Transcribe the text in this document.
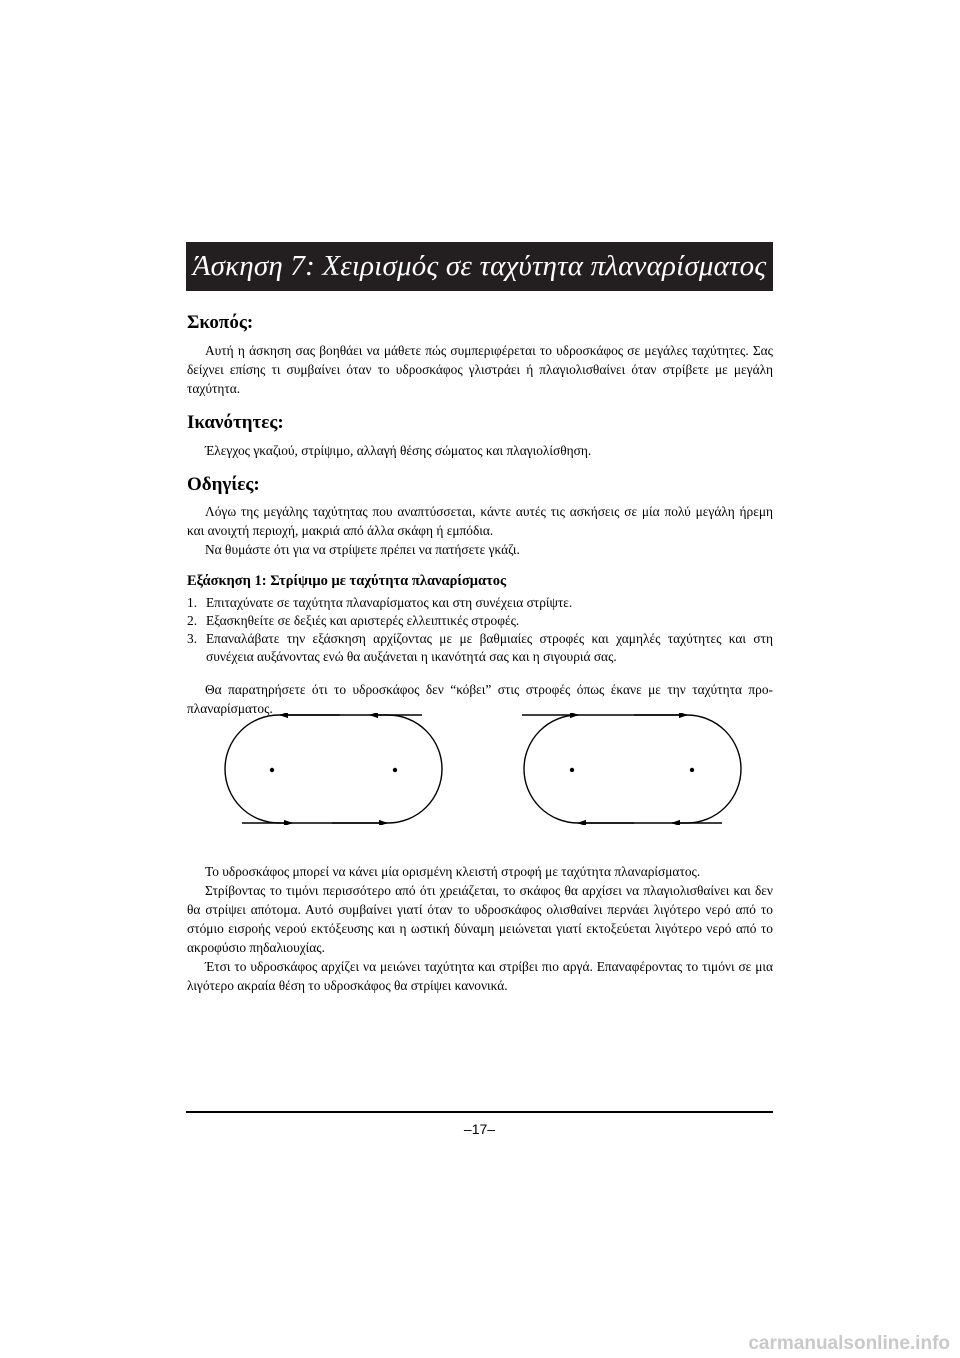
Άσκηση 7: Χειρισμός σε ταχύτητα πλαναρίσματος
Σκοπός:

Αυτή η άσκηση σας βοηθάει να μάθετε πώς συμπεριφέρεται το υδροσκάφος σε μεγάλες ταχύτητες. Σας δείχνει επίσης τι συμβαίνει όταν το υδροσκάφος γλιστράει ή πλαγιολισθαίνει όταν στρίβετε με μεγάλη ταχύτητα.

Ικανότητες:

Έλεγχος γκαζιού, στρίψιμο, αλλαγή θέσης σώματος και πλαγιολίσθηση.

Οδηγίες:

Λόγω της μεγάλης ταχύτητας που αναπτύσσεται, κάντε αυτές τις ασκήσεις σε μία πολύ μεγάλη ήρεμη και ανοιχτή περιοχή, μακριά από άλλα σκάφη ή εμπόδια.

Να θυμάστε ότι για να στρίψετε πρέπει να πατήσετε γκάζι.

Εξάσκηση 1: Στρίψιμο με ταχύτητα πλαναρίσματος
1. Επιταχύνατε σε ταχύτητα πλαναρίσματος και στη συνέχεια στρίψτε.
2. Εξασκηθείτε σε δεξιές και αριστερές ελλειπτικές στροφές.
3. Επαναλάβατε την εξάσκηση αρχίζοντας με με βαθμιαίες στροφές και χαμηλές ταχύτητες και στη συνέχεια αυξάνοντας ενώ θα αυξάνεται η ικανότητά σας και η σιγουριά σας.

Θα παρατηρήσετε ότι το υδροσκάφος δεν “κόβει” στις στροφές όπως έκανε με την ταχύτητα προ-πλαναρίσματος.

Το υδροσκάφος μπορεί να κάνει μία ορισμένη κλειστή στροφή με ταχύτητα πλαναρίσματος.

Στρίβοντας το τιμόνι περισσότερο από ότι χρειάζεται, το σκάφος θα αρχίσει να πλαγιολισθαίνει και δεν θα στρίψει απότομα. Αυτό συμβαίνει γιατί όταν το υδροσκάφος ολισθαίνει περνάει λιγότερο νερό από το στόμιο εισροής νερού εκτόξευσης και η ωστική δύναμη μειώνεται γιατί εκτοξεύεται λιγότερο νερό από το ακροφύσιο πηδαλιουχίας.

Έτσι το υδροσκάφος αρχίζει να μειώνει ταχύτητα και στρίβει πιο αργά. Επαναφέροντας το τιμόνι σε μια λιγότερο ακραία θέση το υδροσκάφος θα στρίψει κανονικά.

–17–
carmanualsonline.info
